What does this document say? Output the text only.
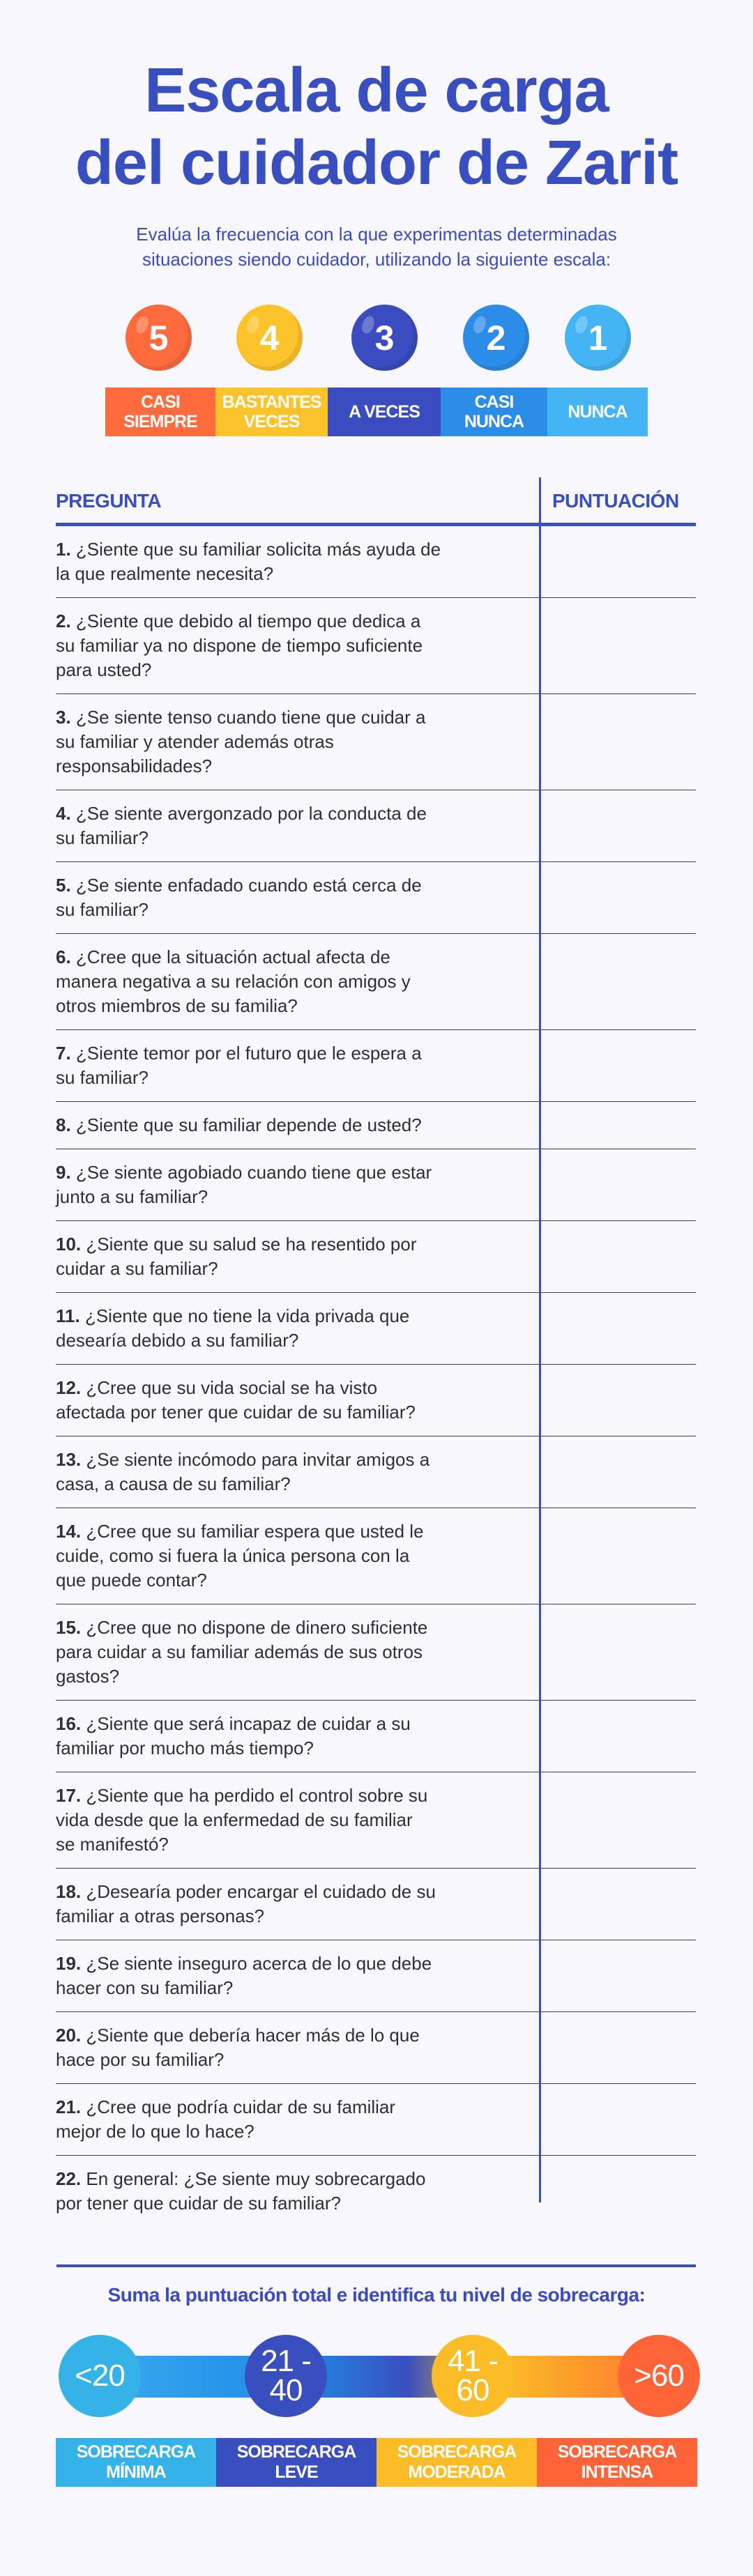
Escala de carga
del cuidador de Zarit
Evalúa la frecuencia con la que experimentas determinadas
situaciones siendo cuidador, utilizando la siguiente escala:
5	4	3	2 1
CASI
SIEMPRE
BASTANTES
VECES	A VECES	CASI
NUNCA	NUNCA
PREGUNTA	PUNTUACIÓN
1. ¿Siente que su familiar solicita más ayuda de
la que realmente necesita?
2. ¿Siente que debido al tiempo que dedica a
su familiar ya no dispone de tiempo suficiente
para usted?
3. ¿Se siente tenso cuando tiene que cuidar a
su familiar y atender además otras
responsabilidades?
4. ¿Se siente avergonzado por la conducta de
su familiar?
5. ¿Se siente enfadado cuando está cerca de
su familiar?
6. ¿Cree que la situación actual afecta de
manera negativa a su relación con amigos y
otros miembros de su familia?
7. ¿Siente temor por el futuro que le espera a
su familiar?
8. ¿Siente que su familiar depende de usted?
9. ¿Se siente agobiado cuando tiene que estar
junto a su familiar?
10. ¿Siente que su salud se ha resentido por
cuidar a su familiar?
11. ¿Siente que no tiene la vida privada que
desearía debido a su familiar?
12. ¿Cree que su vida social se ha visto
afectada por tener que cuidar de su familiar?
13. ¿Se siente incómodo para invitar amigos a
casa, a causa de su familiar?
14. ¿Cree que su familiar espera que usted le
cuide, como si fuera la única persona con la
que puede contar?
15. ¿Cree que no dispone de dinero suficiente
para cuidar a su familiar además de sus otros
gastos?
16. ¿Siente que será incapaz de cuidar a su
familiar por mucho más tiempo?
17. ¿Siente que ha perdido el control sobre su
vida desde que la enfermedad de su familiar
se manifestó?
18. ¿Desearía poder encargar el cuidado de su
familiar a otras personas?
19. ¿Se siente inseguro acerca de lo que debe
hacer con su familiar?
20. ¿Siente que debería hacer más de lo que
hace por su familiar?
21. ¿Cree que podría cuidar de su familiar
mejor de lo que lo hace?
22. En general: ¿Se siente muy sobrecargado
por tener que cuidar de su familiar?
Suma la puntuación total e identifica tu nivel de sobrecarga:
<20	21 -
40
41 -
60	>60
SOBRECARGA
MÍNIMA
SOBRECARGA
LEVE
SOBRECARGA
MODERADA
SOBRECARGA
INTENSA
